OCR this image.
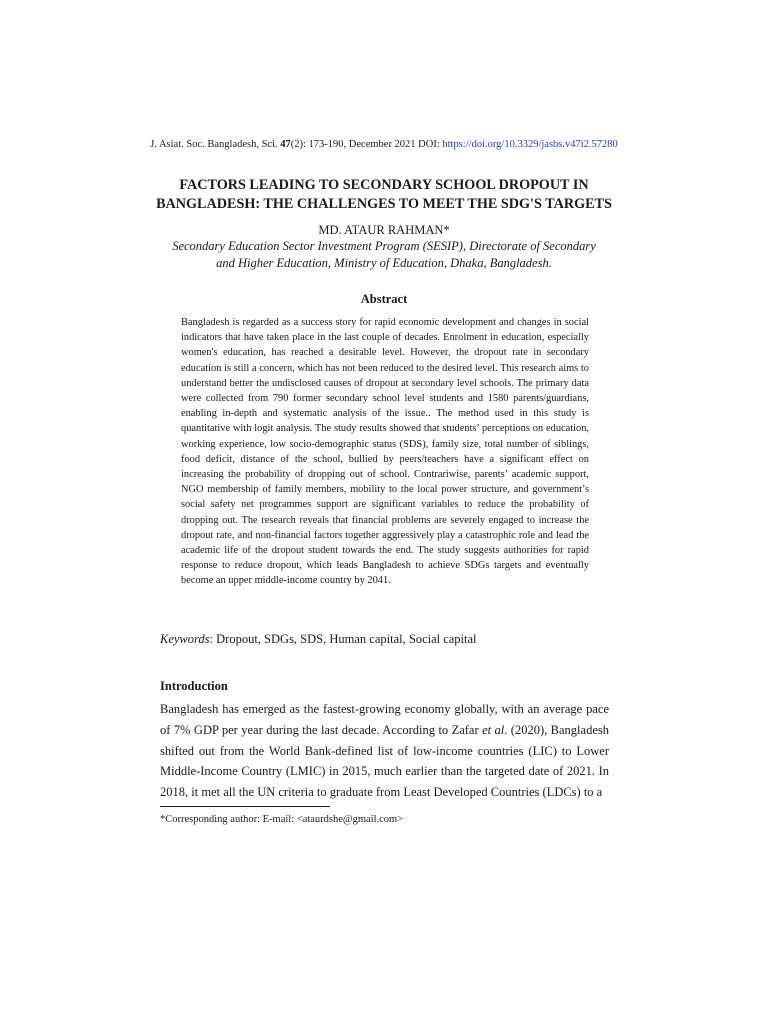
J. Asiat. Soc. Bangladesh, Sci. 47(2): 173-190, December 2021 DOI: https://doi.org/10.3329/jasbs.v47i2.57280
FACTORS LEADING TO SECONDARY SCHOOL DROPOUT IN
BANGLADESH: THE CHALLENGES TO MEET THE SDG'S TARGETS
MD. ATAUR RAHMAN*
Secondary Education Sector Investment Program (SESIP), Directorate of Secondary
and Higher Education, Ministry of Education, Dhaka, Bangladesh.
Abstract
Bangladesh is regarded as a success story for rapid economic development and changes in social indicators that have taken place in the last couple of decades. Enrolment in education, especially women's education, has reached a desirable level. However, the dropout rate in secondary education is still a concern, which has not been reduced to the desired level. This research aims to understand better the undisclosed causes of dropout at secondary level schools. The primary data were collected from 790 former secondary school level students and 1580 parents/guardians, enabling in-depth and systematic analysis of the issue.. The method used in this study is quantitative with logit analysis. The study results showed that students’ perceptions on education, working experience, low socio-demographic status (SDS), family size, total number of siblings, food deficit, distance of the school, bullied by peers/teachers have a significant effect on increasing the probability of dropping out of school. Contrariwise, parents’ academic support, NGO membership of family members, mobility to the local power structure, and government’s social safety net programmes support are significant variables to reduce the probability of dropping out. The research reveals that financial problems are severely engaged to increase the dropout rate, and non-financial factors together aggressively play a catastrophic role and lead the academic life of the dropout student towards the end. The study suggests authorities for rapid response to reduce dropout, which leads Bangladesh to achieve SDGs targets and eventually become an upper middle-income country by 2041.
Keywords: Dropout, SDGs, SDS, Human capital, Social capital
Introduction
Bangladesh has emerged as the fastest-growing economy globally, with an average pace of 7% GDP per year during the last decade. According to Zafar et al. (2020), Bangladesh shifted out from the World Bank-defined list of low-income countries (LIC) to Lower Middle-Income Country (LMIC) in 2015, much earlier than the targeted date of 2021. In 2018, it met all the UN criteria to graduate from Least Developed Countries (LDCs) to a
*Corresponding author: E-mail: <ataurdshe@gmail.com>
